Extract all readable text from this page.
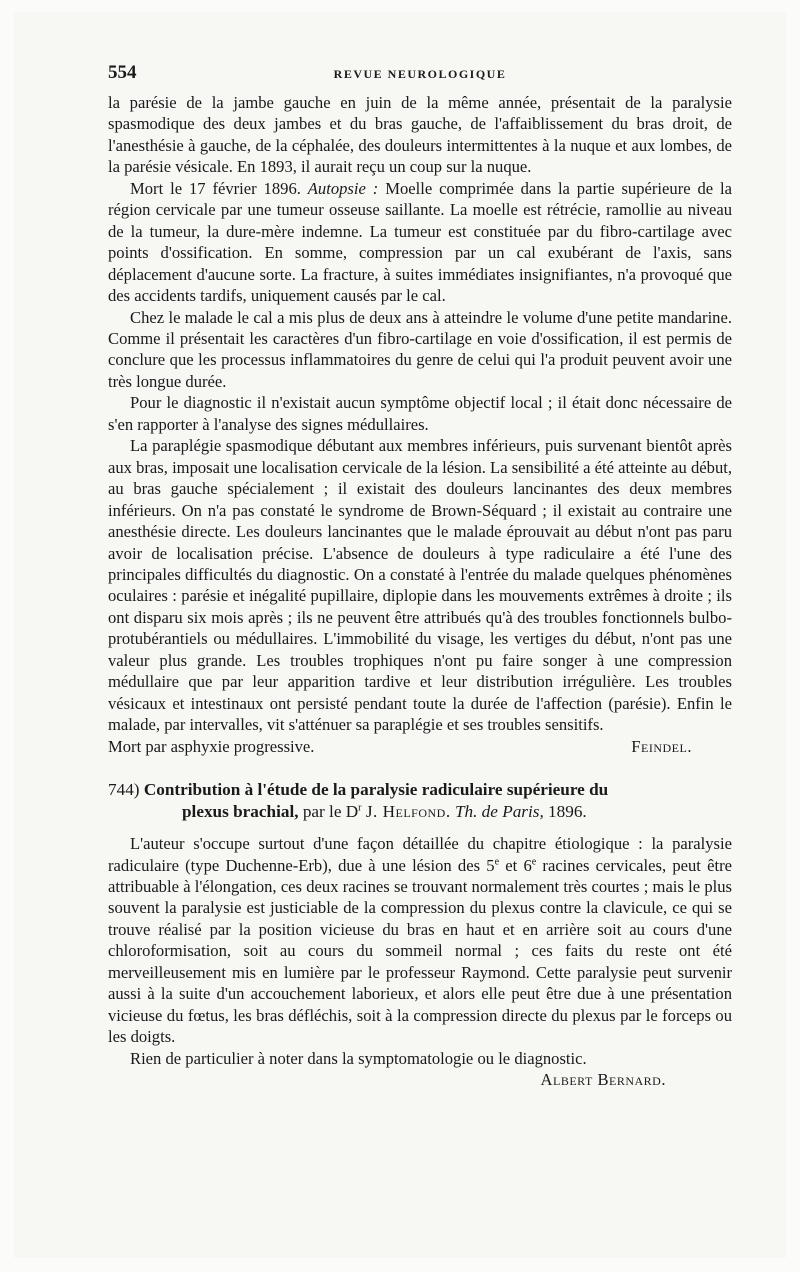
554	REVUE NEUROLOGIQUE

la parésie de la jambe gauche en juin de la même année, présentait de la paralysie spasmodique des deux jambes et du bras gauche, de l'affaiblissement du bras droit, de l'anesthésie à gauche, de la céphalée, des douleurs intermittentes à la nuque et aux lombes, de la parésie vésicale. En 1893, il aurait reçu un coup sur la nuque.

Mort le 17 février 1896. Autopsie : Moelle comprimée dans la partie supérieure de la région cervicale par une tumeur osseuse saillante. La moelle est rétrécie, ramollie au niveau de la tumeur, la dure-mère indemne. La tumeur est constituée par du fibro-cartilage avec points d'ossification. En somme, compression par un cal exubérant de l'axis, sans déplacement d'aucune sorte. La fracture, à suites immédiates insignifiantes, n'a provoqué que des accidents tardifs, uniquement causés par le cal.

Chez le malade le cal a mis plus de deux ans à atteindre le volume d'une petite mandarine. Comme il présentait les caractères d'un fibro-cartilage en voie d'ossification, il est permis de conclure que les processus inflammatoires du genre de celui qui l'a produit peuvent avoir une très longue durée.

Pour le diagnostic il n'existait aucun symptôme objectif local ; il était donc nécessaire de s'en rapporter à l'analyse des signes médullaires.

La paraplégie spasmodique débutant aux membres inférieurs, puis survenant bientôt après aux bras, imposait une localisation cervicale de la lésion. La sensibilité a été atteinte au début, au bras gauche spécialement ; il existait des douleurs lancinantes des deux membres inférieurs. On n'a pas constaté le syndrome de Brown-Séquard ; il existait au contraire une anesthésie directe. Les douleurs lancinantes que le malade éprouvait au début n'ont pas paru avoir de localisation précise. L'absence de douleurs à type radiculaire a été l'une des principales difficultés du diagnostic. On a constaté à l'entrée du malade quelques phénomènes oculaires : parésie et inégalité pupillaire, diplopie dans les mouvements extrêmes à droite ; ils ont disparu six mois après ; ils ne peuvent être attribués qu'à des troubles fonctionnels bulbo-protubérantiels ou médullaires. L'immobilité du visage, les vertiges du début, n'ont pas une valeur plus grande. Les troubles trophiques n'ont pu faire songer à une compression médullaire que par leur apparition tardive et leur distribution irrégulière. Les troubles vésicaux et intestinaux ont persisté pendant toute la durée de l'affection (parésie). Enfin le malade, par intervalles, vit s'atténuer sa paraplégie et ses troubles sensitifs.

Mort par asphyxie progressive.	Feindel.
744) Contribution à l'étude de la paralysie radiculaire supérieure du
plexus brachial, par le $D^r$ J. Helfond. Th. de Paris, 1896.

L'auteur s'occupe surtout d'une façon détaillée du chapitre étiologique : la paralysie radiculaire (type Duchenne-Erb), due à une lésion des 5e et 6e racines cervicales, peut être attribuable à l'élongation, ces deux racines se trouvant normalement très courtes ; mais le plus souvent la paralysie est justiciable de la compression du plexus contre la clavicule, ce qui se trouve réalisé par la position vicieuse du bras en haut et en arrière soit au cours d'une chloroformisation, soit au cours du sommeil normal ; ces faits du reste ont été merveilleusement mis en lumière par le professeur Raymond. Cette paralysie peut survenir aussi à la suite d'un accouchement laborieux, et alors elle peut être due à une présentation vicieuse du fœtus, les bras défléchis, soit à la compression directe du plexus par le forceps ou les doigts.

Rien de particulier à noter dans la symptomatologie ou le diagnostic.

Albert Bernard.
